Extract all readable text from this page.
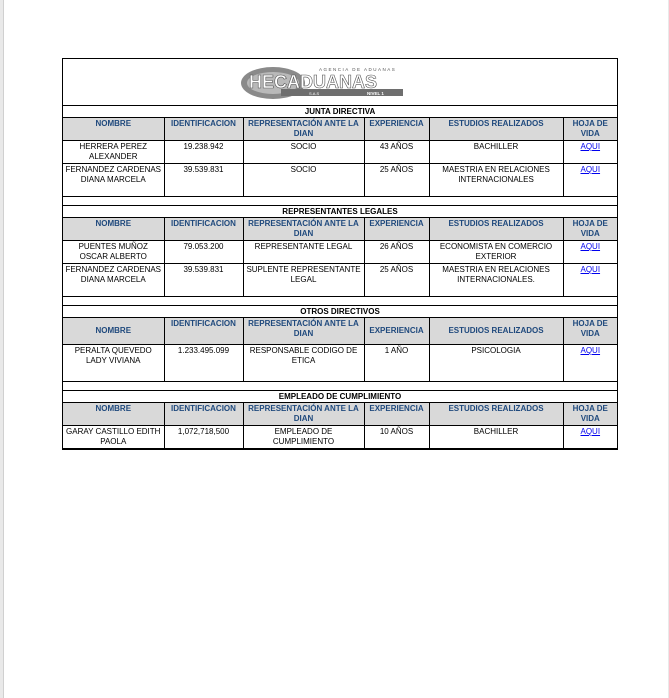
AGENCIA DE ADUANAS
HECADUANAS
S.A.S	NIVEL 1
JUNTA DIRECTIVA					
NOMBRE	IDENTIFICACION	REPRESENTACIÓN ANTE LA DIAN	EXPERIENCIA	ESTUDIOS REALIZADOS	HOJA DE VIDA
HERRERA PEREZ ALEXANDER	19.238.942	SOCIO	43 AÑOS	BACHILLER	AQUI
FERNANDEZ CARDENAS DIANA MARCELA	39.539.831	SOCIO	25 AÑOS	MAESTRIA EN RELACIONES INTERNACIONALES	AQUI

REPRESENTANTES LEGALES					
NOMBRE	IDENTIFICACION	REPRESENTACIÓN ANTE LA DIAN	EXPERIENCIA	ESTUDIOS REALIZADOS	HOJA DE VIDA
PUENTES MUÑOZ OSCAR ALBERTO	79.053.200	REPRESENTANTE LEGAL	26 AÑOS	ECONOMISTA EN COMERCIO EXTERIOR	AQUI
FERNANDEZ CARDENAS DIANA MARCELA	39.539.831	SUPLENTE REPRESENTANTE LEGAL	25 AÑOS	MAESTRIA EN RELACIONES INTERNACIONALES.	AQUI

OTROS DIRECTIVOS					
NOMBRE	IDENTIFICACION	REPRESENTACIÓN ANTE LA DIAN	EXPERIENCIA	ESTUDIOS REALIZADOS	HOJA DE VIDA
PERALTA QUEVEDO LADY VIVIANA	1.233.495.099	RESPONSABLE CODIGO DE ETICA	1 AÑO	PSICOLOGIA	AQUI

EMPLEADO DE CUMPLIMIENTO					
NOMBRE	IDENTIFICACION	REPRESENTACIÓN ANTE LA DIAN	EXPERIENCIA	ESTUDIOS REALIZADOS	HOJA DE VIDA
GARAY CASTILLO EDITH PAOLA	1,072,718,500	EMPLEADO DE CUMPLIMIENTO	10 AÑOS	BACHILLER	AQUI
